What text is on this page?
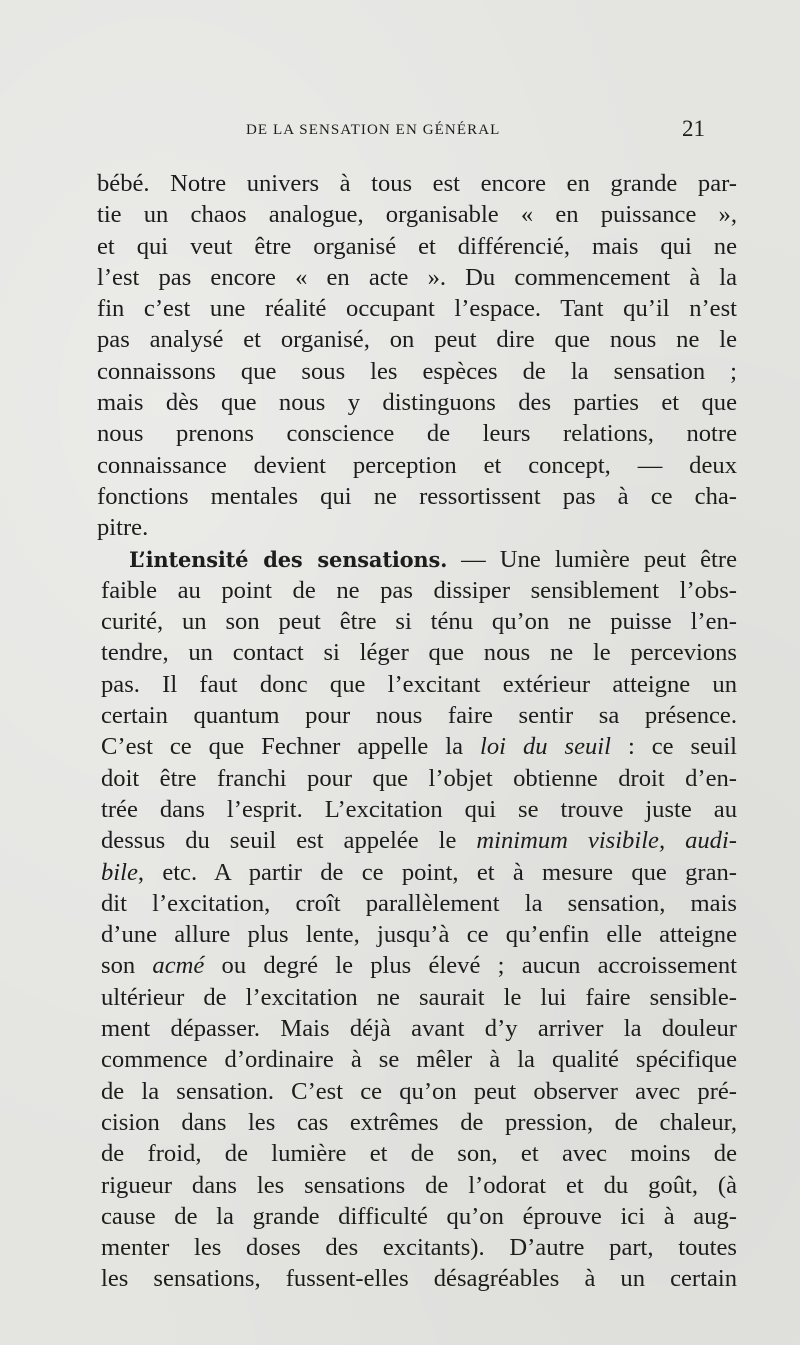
DE LA SENSATION EN GÉNÉRAL	21
bébé. Notre univers à tous est encore en grande par-
tie un chaos analogue, organisable « en puissance »,
et qui veut être organisé et différencié, mais qui ne
l’est pas encore « en acte ». Du commencement à la
fin c’est une réalité occupant l’espace. Tant qu’il n’est
pas analysé et organisé, on peut dire que nous ne le
connaissons que sous les espèces de la sensation ;
mais dès que nous y distinguons des parties et que
nous prenons conscience de leurs relations, notre
connaissance devient perception et concept, — deux
fonctions mentales qui ne ressortissent pas à ce cha-
pitre.
L’intensité des sensations. — Une lumière peut être
faible au point de ne pas dissiper sensiblement l’obs-
curité, un son peut être si ténu qu’on ne puisse l’en-
tendre, un contact si léger que nous ne le percevions
pas. Il faut donc que l’excitant extérieur atteigne un
certain quantum pour nous faire sentir sa présence.
C’est ce que Fechner appelle la loi du seuil : ce seuil
doit être franchi pour que l’objet obtienne droit d’en-
trée dans l’esprit. L’excitation qui se trouve juste au
dessus du seuil est appelée le minimum visibile, audi-
bile, etc. A partir de ce point, et à mesure que gran-
dit l’excitation, croît parallèlement la sensation, mais
d’une allure plus lente, jusqu’à ce qu’enfin elle atteigne
son acmé ou degré le plus élevé ; aucun accroissement
ultérieur de l’excitation ne saurait le lui faire sensible-
ment dépasser. Mais déjà avant d’y arriver la douleur
commence d’ordinaire à se mêler à la qualité spécifique
de la sensation. C’est ce qu’on peut observer avec pré-
cision dans les cas extrêmes de pression, de chaleur,
de froid, de lumière et de son, et avec moins de
rigueur dans les sensations de l’odorat et du goût, (à
cause de la grande difficulté qu’on éprouve ici à aug-
menter les doses des excitants). D’autre part, toutes
les sensations, fussent-elles désagréables à un certain
